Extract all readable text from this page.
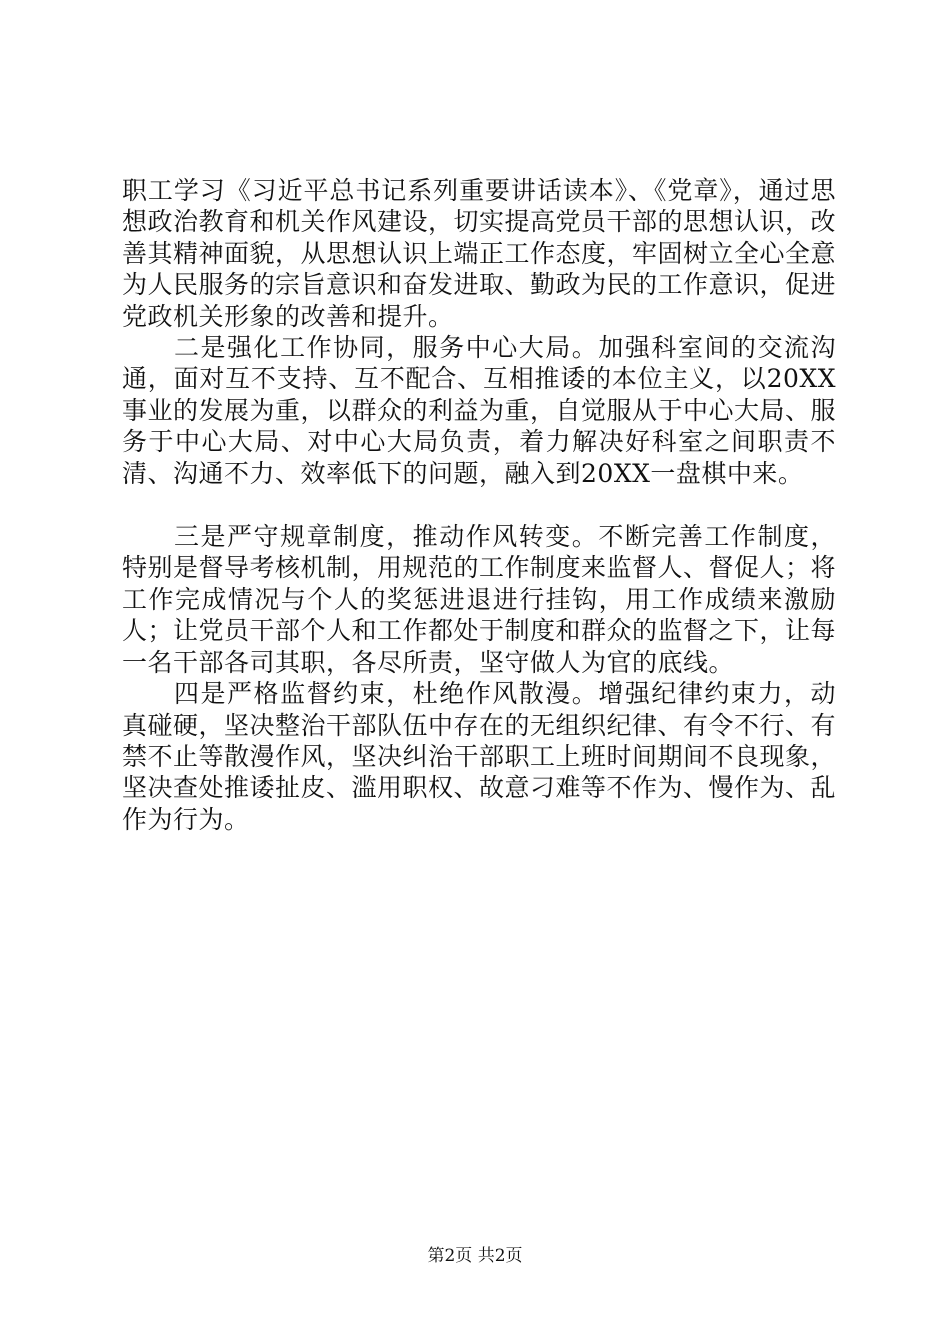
职工学习《习近平总书记系列重要讲话读本》、《党章》，通过思想政治教育和机关作风建设，切实提高党员干部的思想认识，改善其精神面貌，从思想认识上端正工作态度，牢固树立全心全意为人民服务的宗旨意识和奋发进取、勤政为民的工作意识，促进党政机关形象的改善和提升。

二是强化工作协同，服务中心大局。加强科室间的交流沟通，面对互不支持、互不配合、互相推诿的本位主义，以20XX事业的发展为重，以群众的利益为重，自觉服从于中心大局、服务于中心大局、对中心大局负责，着力解决好科室之间职责不清、沟通不力、效率低下的问题，融入到20XX一盘棋中来。

三是严守规章制度，推动作风转变。不断完善工作制度，特别是督导考核机制，用规范的工作制度来监督人、督促人；将工作完成情况与个人的奖惩进退进行挂钩，用工作成绩来激励人；让党员干部个人和工作都处于制度和群众的监督之下，让每一名干部各司其职，各尽所责，坚守做人为官的底线。

四是严格监督约束，杜绝作风散漫。增强纪律约束力，动真碰硬，坚决整治干部队伍中存在的无组织纪律、有令不行、有禁不止等散漫作风，坚决纠治干部职工上班时间期间不良现象，坚决查处推诿扯皮、滥用职权、故意刁难等不作为、慢作为、乱作为行为。

第2页 共2页
